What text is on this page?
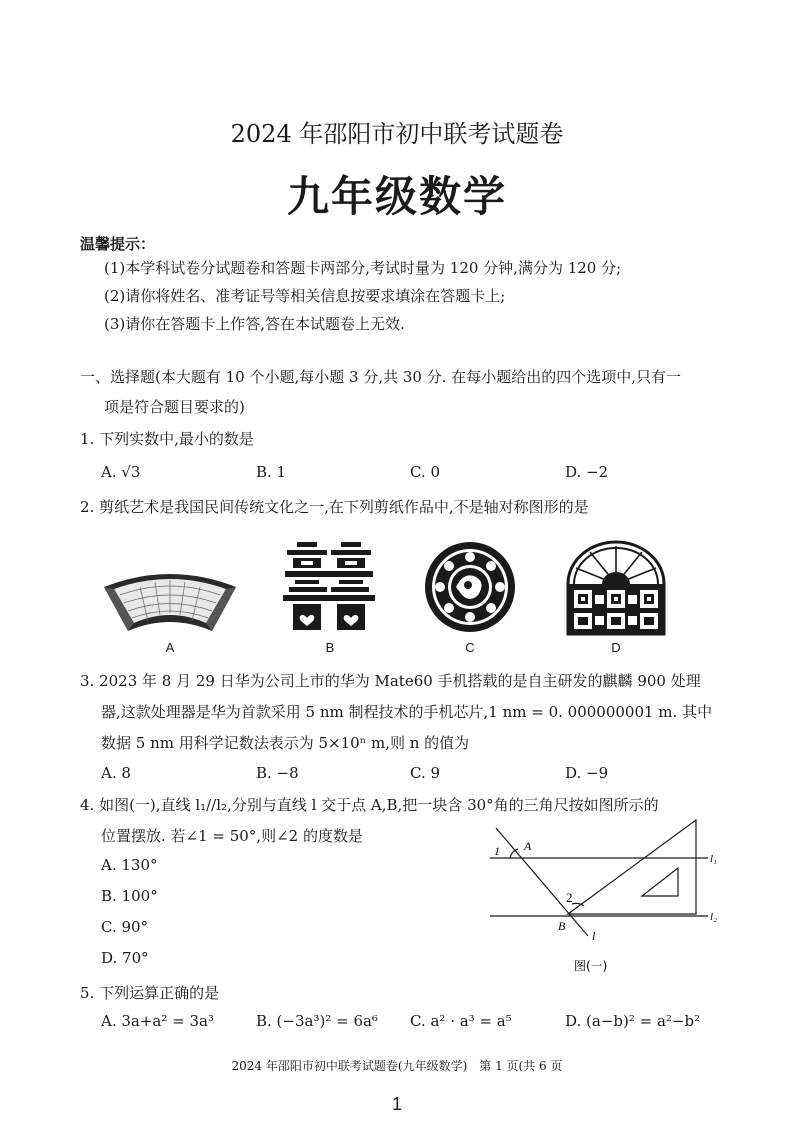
2024 年邵阳市初中联考试题卷
九年级数学
温馨提示：
(1)本学科试卷分试题卷和答题卡两部分,考试时量为 120 分钟,满分为 120 分;
(2)请你将姓名、准考证号等相关信息按要求填涂在答题卡上;
(3)请你在答题卡上作答,答在本试题卷上无效.
一、选择题(本大题有 10 个小题,每小题 3 分,共 30 分. 在每小题给出的四个选项中,只有一
项是符合题目要求的)
1. 下列实数中,最小的数是
A. √3	B. 1	C. 0	D. −2
2. 剪纸艺术是我国民间传统文化之一,在下列剪纸作品中,不是轴对称图形的是
A	B	C	D
3. 2023 年 8 月 29 日华为公司上市的华为 Mate60 手机搭载的是自主研发的麒麟 900 处理
器,这款处理器是华为首款采用 5 nm 制程技术的手机芯片,1 nm = 0. 000000001 m. 其中
数据 5 nm 用科学记数法表示为 5×10ⁿ m,则 n 的值为
A. 8	B. −8	C. 9	D. −9
4. 如图(一),直线 l₁//l₂,分别与直线 l 交于点 A,B,把一块含 30°角的三角尺按如图所示的
位置摆放. 若∠1 = 50°,则∠2 的度数是
A. 130°
B. 100°
C. 90°
D. 70°
1 A
2
B
l
l₁
l₂
图(一)
5. 下列运算正确的是
A. 3a+a² = 3a³	B. (−3a³)² = 6a⁶ C. a² · a³ = a⁵	D. (a−b)² = a²−b²
2024 年邵阳市初中联考试题卷(九年级数学)　第 1 页(共 6 页
1
